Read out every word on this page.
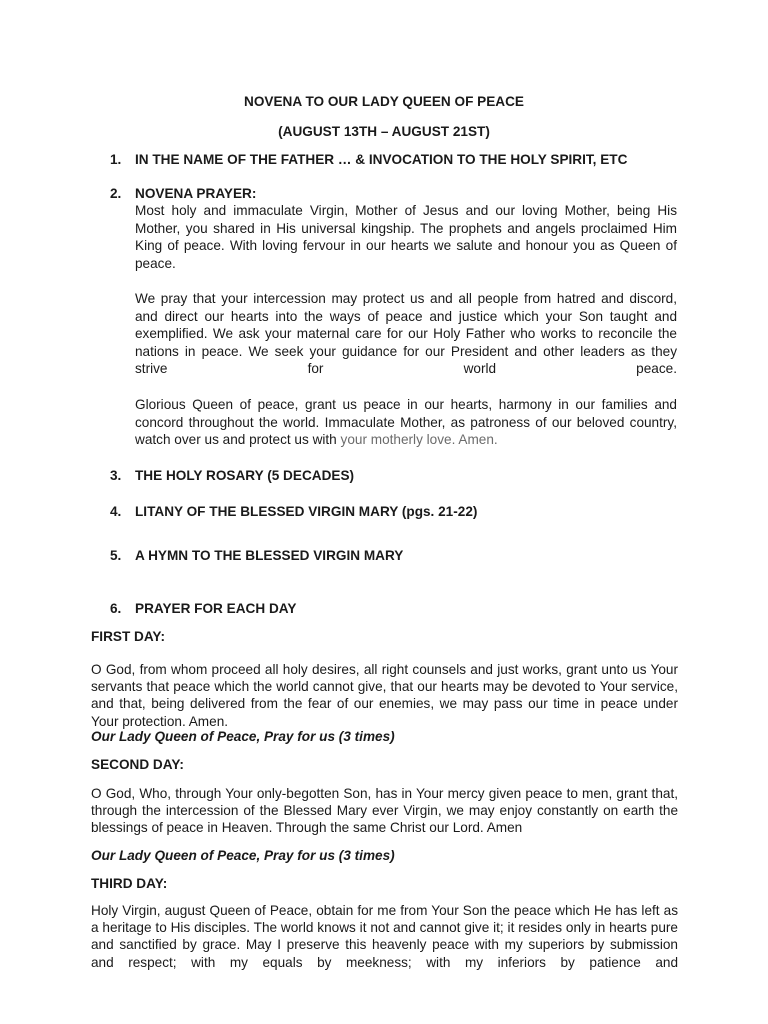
NOVENA TO OUR LADY QUEEN OF PEACE
(AUGUST 13TH – AUGUST 21ST)
1. IN THE NAME OF THE FATHER … & INVOCATION TO THE HOLY SPIRIT, ETC
2. NOVENA PRAYER:
Most holy and immaculate Virgin, Mother of Jesus and our loving Mother, being His Mother, you shared in His universal kingship. The prophets and angels proclaimed Him King of peace. With loving fervour in our hearts we salute and honour you as Queen of peace.
We pray that your intercession may protect us and all people from hatred and discord, and direct our hearts into the ways of peace and justice which your Son taught and exemplified. We ask your maternal care for our Holy Father who works to reconcile the nations in peace. We seek your guidance for our President and other leaders as they strive for world peace.
Glorious Queen of peace, grant us peace in our hearts, harmony in our families and concord throughout the world. Immaculate Mother, as patroness of our beloved country, watch over us and protect us with your motherly love. Amen.
3. THE HOLY ROSARY (5 DECADES)
4. LITANY OF THE BLESSED VIRGIN MARY (pgs. 21-22)
5. A HYMN TO THE BLESSED VIRGIN MARY
6. PRAYER FOR EACH DAY
FIRST DAY:
O God, from whom proceed all holy desires, all right counsels and just works, grant unto us Your servants that peace which the world cannot give, that our hearts may be devoted to Your service, and that, being delivered from the fear of our enemies, we may pass our time in peace under Your protection. Amen.
Our Lady Queen of Peace, Pray for us (3 times)
SECOND DAY:
O God, Who, through Your only-begotten Son, has in Your mercy given peace to men, grant that, through the intercession of the Blessed Mary ever Virgin, we may enjoy constantly on earth the blessings of peace in Heaven. Through the same Christ our Lord. Amen
Our Lady Queen of Peace, Pray for us (3 times)
THIRD DAY:
Holy Virgin, august Queen of Peace, obtain for me from Your Son the peace which He has left as a heritage to His disciples. The world knows it not and cannot give it; it resides only in hearts pure and sanctified by grace. May I preserve this heavenly peace with my superiors by submission and respect; with my equals by meekness; with my inferiors by patience and
